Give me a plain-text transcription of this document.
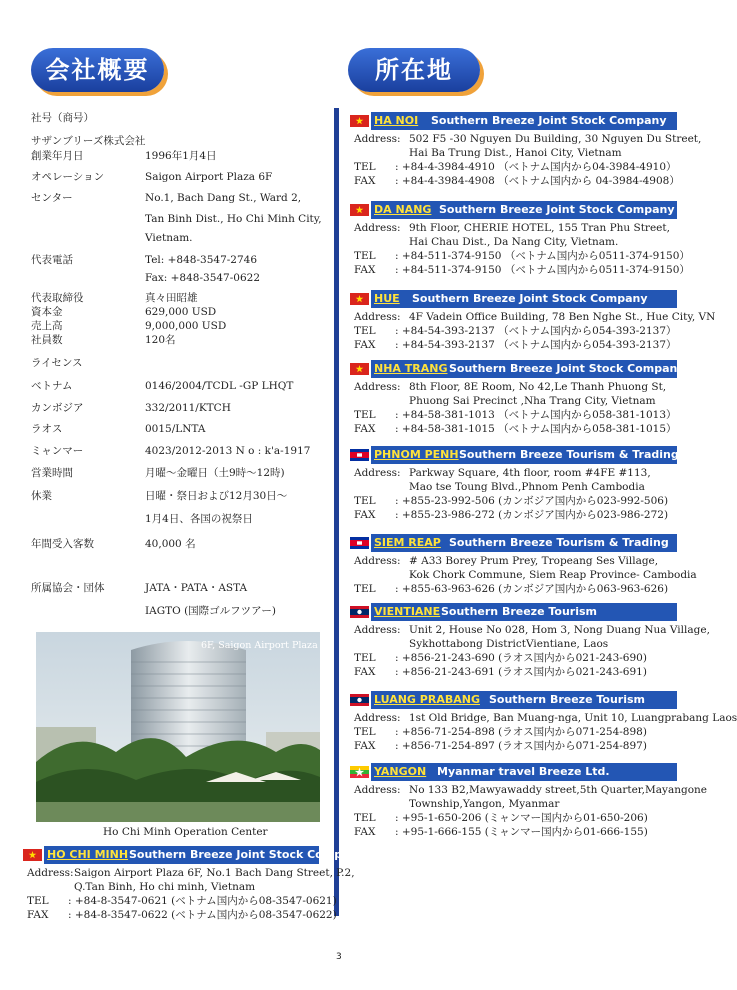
会社概要	所在地
社号（商号）
サザンブリーズ株式会社
創業年月日	1996年1月4日
オペレーション	Saigon Airport Plaza 6F
センター	No.1, Bach Dang St., Ward 2,
Tan Binh Dist., Ho Chi Minh City,
Vietnam.
代表電話	Tel: +848-3547-2746
Fax: +848-3547-0622
代表取締役	真々田昭雄
資本金	629,000 USD
売上高	9,000,000 USD
社員数	120名
ライセンス
ベトナム	0146/2004/TCDL -GP LHQT
カンボジア	332/2011/KTCH
ラオス	0015/LNTA
ミャンマー	4023/2012-2013 N o : k'a-1917
営業時間	月曜～金曜日（土9時～12時)
休業	日曜・祭日および12月30日～
1月4日、各国の祝祭日
年間受入客数	40,000 名
所属協会・団体	JATA・PATA・ASTA
IAGTO (国際ゴルフツアー)
6F, Saigon Airport Plaza
Ho Chi Minh Operation Center
HA NOI Southern Breeze Joint Stock Company
Address: 502 F5 -30 Nguyen Du Building, 30 Nguyen Du Street,
Hai Ba Trung Dist., Hanoi City, Vietnam
TEL : +84-4-3984-4910 （ベトナム国内から04-3984-4910）
FAX : +84-4-3984-4908 （ベトナム国内から 04-3984-4908）
DA NANG Southern Breeze Joint Stock Company
Address: 9th Floor, CHERIE HOTEL, 155 Tran Phu Street,
Hai Chau Dist., Da Nang City, Vietnam.
TEL : +84-511-374-9150 （ベトナム国内から0511-374-9150）
FAX : +84-511-374-9150 （ベトナム国内から0511-374-9150）
HUE Southern Breeze Joint Stock Company
Address: 4F Vadein Office Building, 78 Ben Nghe St., Hue City, VN
TEL : +84-54-393-2137 （ベトナム国内から054-393-2137）
FAX : +84-54-393-2137 （ベトナム国内から054-393-2137）
NHA TRANG Southern Breeze Joint Stock Company
Address: 8th Floor, 8E Room, No 42,Le Thanh Phuong St,
Phuong Sai Precinct ,Nha Trang City, Vietnam
TEL : +84-58-381-1013 （ベトナム国内から058-381-1013）
FAX : +84-58-381-1015 （ベトナム国内から058-381-1015）
PHNOM PENH Southern Breeze Tourism & Trading
Address: Parkway Square, 4th floor, room #4FE #113,
Mao tse Toung Blvd.,Phnom Penh Cambodia
TEL : +855-23-992-506 (カンボジア国内から023-992-506)
FAX : +855-23-986-272 (カンボジア国内から023-986-272)
SIEM REAP Southern Breeze Tourism & Trading
Address: # A33 Borey Prum Prey, Tropeang Ses Village,
Kok Chork Commune, Siem Reap Province- Cambodia
TEL : +855-63-963-626 (カンボジア国内から063-963-626)
VIENTIANE Southern Breeze Tourism
Address: Unit 2, House No 028, Hom 3, Nong Duang Nua Village,
Sykhottabong DistrictVientiane, Laos
TEL : +856-21-243-690 (ラオス国内から021-243-690)
FAX : +856-21-243-691 (ラオス国内から021-243-691)
LUANG PRABANG Southern Breeze Tourism
Address: 1st Old Bridge, Ban Muang-nga, Unit 10, Luangprabang Laos
TEL : +856-71-254-898 (ラオス国内から071-254-898)
FAX : +856-71-254-897 (ラオス国内から071-254-897)
YANGON Myanmar travel Breeze Ltd.
Address: No 133 B2,Mawyawaddy street,5th Quarter,Mayangone
Township,Yangon, Myanmar
TEL : +95-1-650-206 (ミャンマー国内から01-650-206)
FAX : +95-1-666-155 (ミャンマー国内から01-666-155)
HO CHI MINH Southern Breeze Joint Stock Company
Address: Saigon Airport Plaza 6F, No.1 Bach Dang Street, P.2,
Q.Tan Binh, Ho chi minh, Vietnam
TEL : +84-8-3547-0621 (ベトナム国内から08-3547-0621)
FAX : +84-8-3547-0622 (ベトナム国内から08-3547-0622)
3
